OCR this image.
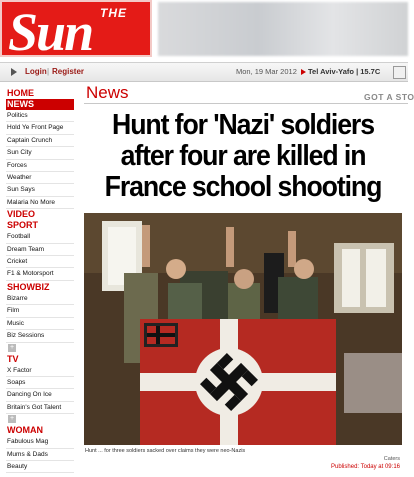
Sun THE
Login | Register	Mon, 19 Mar 2012 Tel Aviv-Yafo | 15.7C
HOME
NEWS
Politics
Hold Ye Front Page
Captain Crunch
Sun City
Forces
Weather
Sun Says
Malaria No More
VIDEO
SPORT
Football
Dream Team
Cricket
F1 & Motorsport
SHOWBIZ
Bizarre
Film
Music
Biz Sessions
+
TV
X Factor
Soaps
Dancing On Ice
Britain's Got Talent
+
WOMAN
Fabulous Mag
Mums & Dads
Beauty
News	GOT A STO
Hunt for 'Nazi' soldiers
after four are killed in
France school shooting
Hunt ... for three soldiers sacked over claims they were neo-Nazis
Caters
Published: Today at 09:16
